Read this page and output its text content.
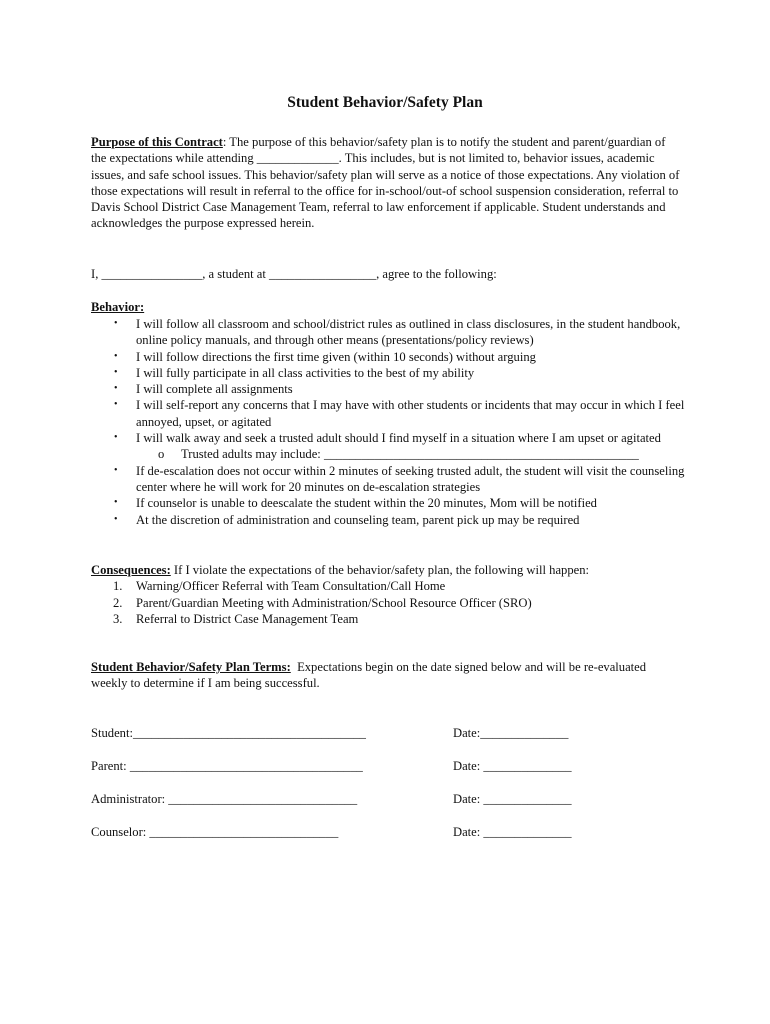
Student Behavior/Safety Plan
Purpose of this Contract: The purpose of this behavior/safety plan is to notify the student and parent/guardian of the expectations while attending _____________. This includes, but is not limited to, behavior issues, academic issues, and safe school issues. This behavior/safety plan will serve as a notice of those expectations. Any violation of those expectations will result in referral to the office for in-school/out-of school suspension consideration, referral to Davis School District Case Management Team, referral to law enforcement if applicable. Student understands and acknowledges the purpose expressed herein.
I, ________________, a student at _________________, agree to the following:
Behavior:
• I will follow all classroom and school/district rules as outlined in class disclosures, in the student handbook, online policy manuals, and through other means (presentations/policy reviews)
• I will follow directions the first time given (within 10 seconds) without arguing
• I will fully participate in all class activities to the best of my ability
• I will complete all assignments
• I will self-report any concerns that I may have with other students or incidents that may occur in which I feel annoyed, upset, or agitated
• I will walk away and seek a trusted adult should I find myself in a situation where I am upset or agitated
o Trusted adults may include: __________________________________________________
• If de-escalation does not occur within 2 minutes of seeking trusted adult, the student will visit the counseling center where he will work for 20 minutes on de-escalation strategies
• If counselor is unable to deescalate the student within the 20 minutes, Mom will be notified
• At the discretion of administration and counseling team, parent pick up may be required
Consequences: If I violate the expectations of the behavior/safety plan, the following will happen:
1. Warning/Officer Referral with Team Consultation/Call Home
2. Parent/Guardian Meeting with Administration/School Resource Officer (SRO)
3. Referral to District Case Management Team
Student Behavior/Safety Plan Terms:  Expectations begin on the date signed below and will be re-evaluated weekly to determine if I am being successful.
Student:_____________________________________	Date:______________
Parent: _____________________________________	Date: ______________
Administrator: ______________________________	Date: ______________
Counselor: ______________________________	Date: ______________
